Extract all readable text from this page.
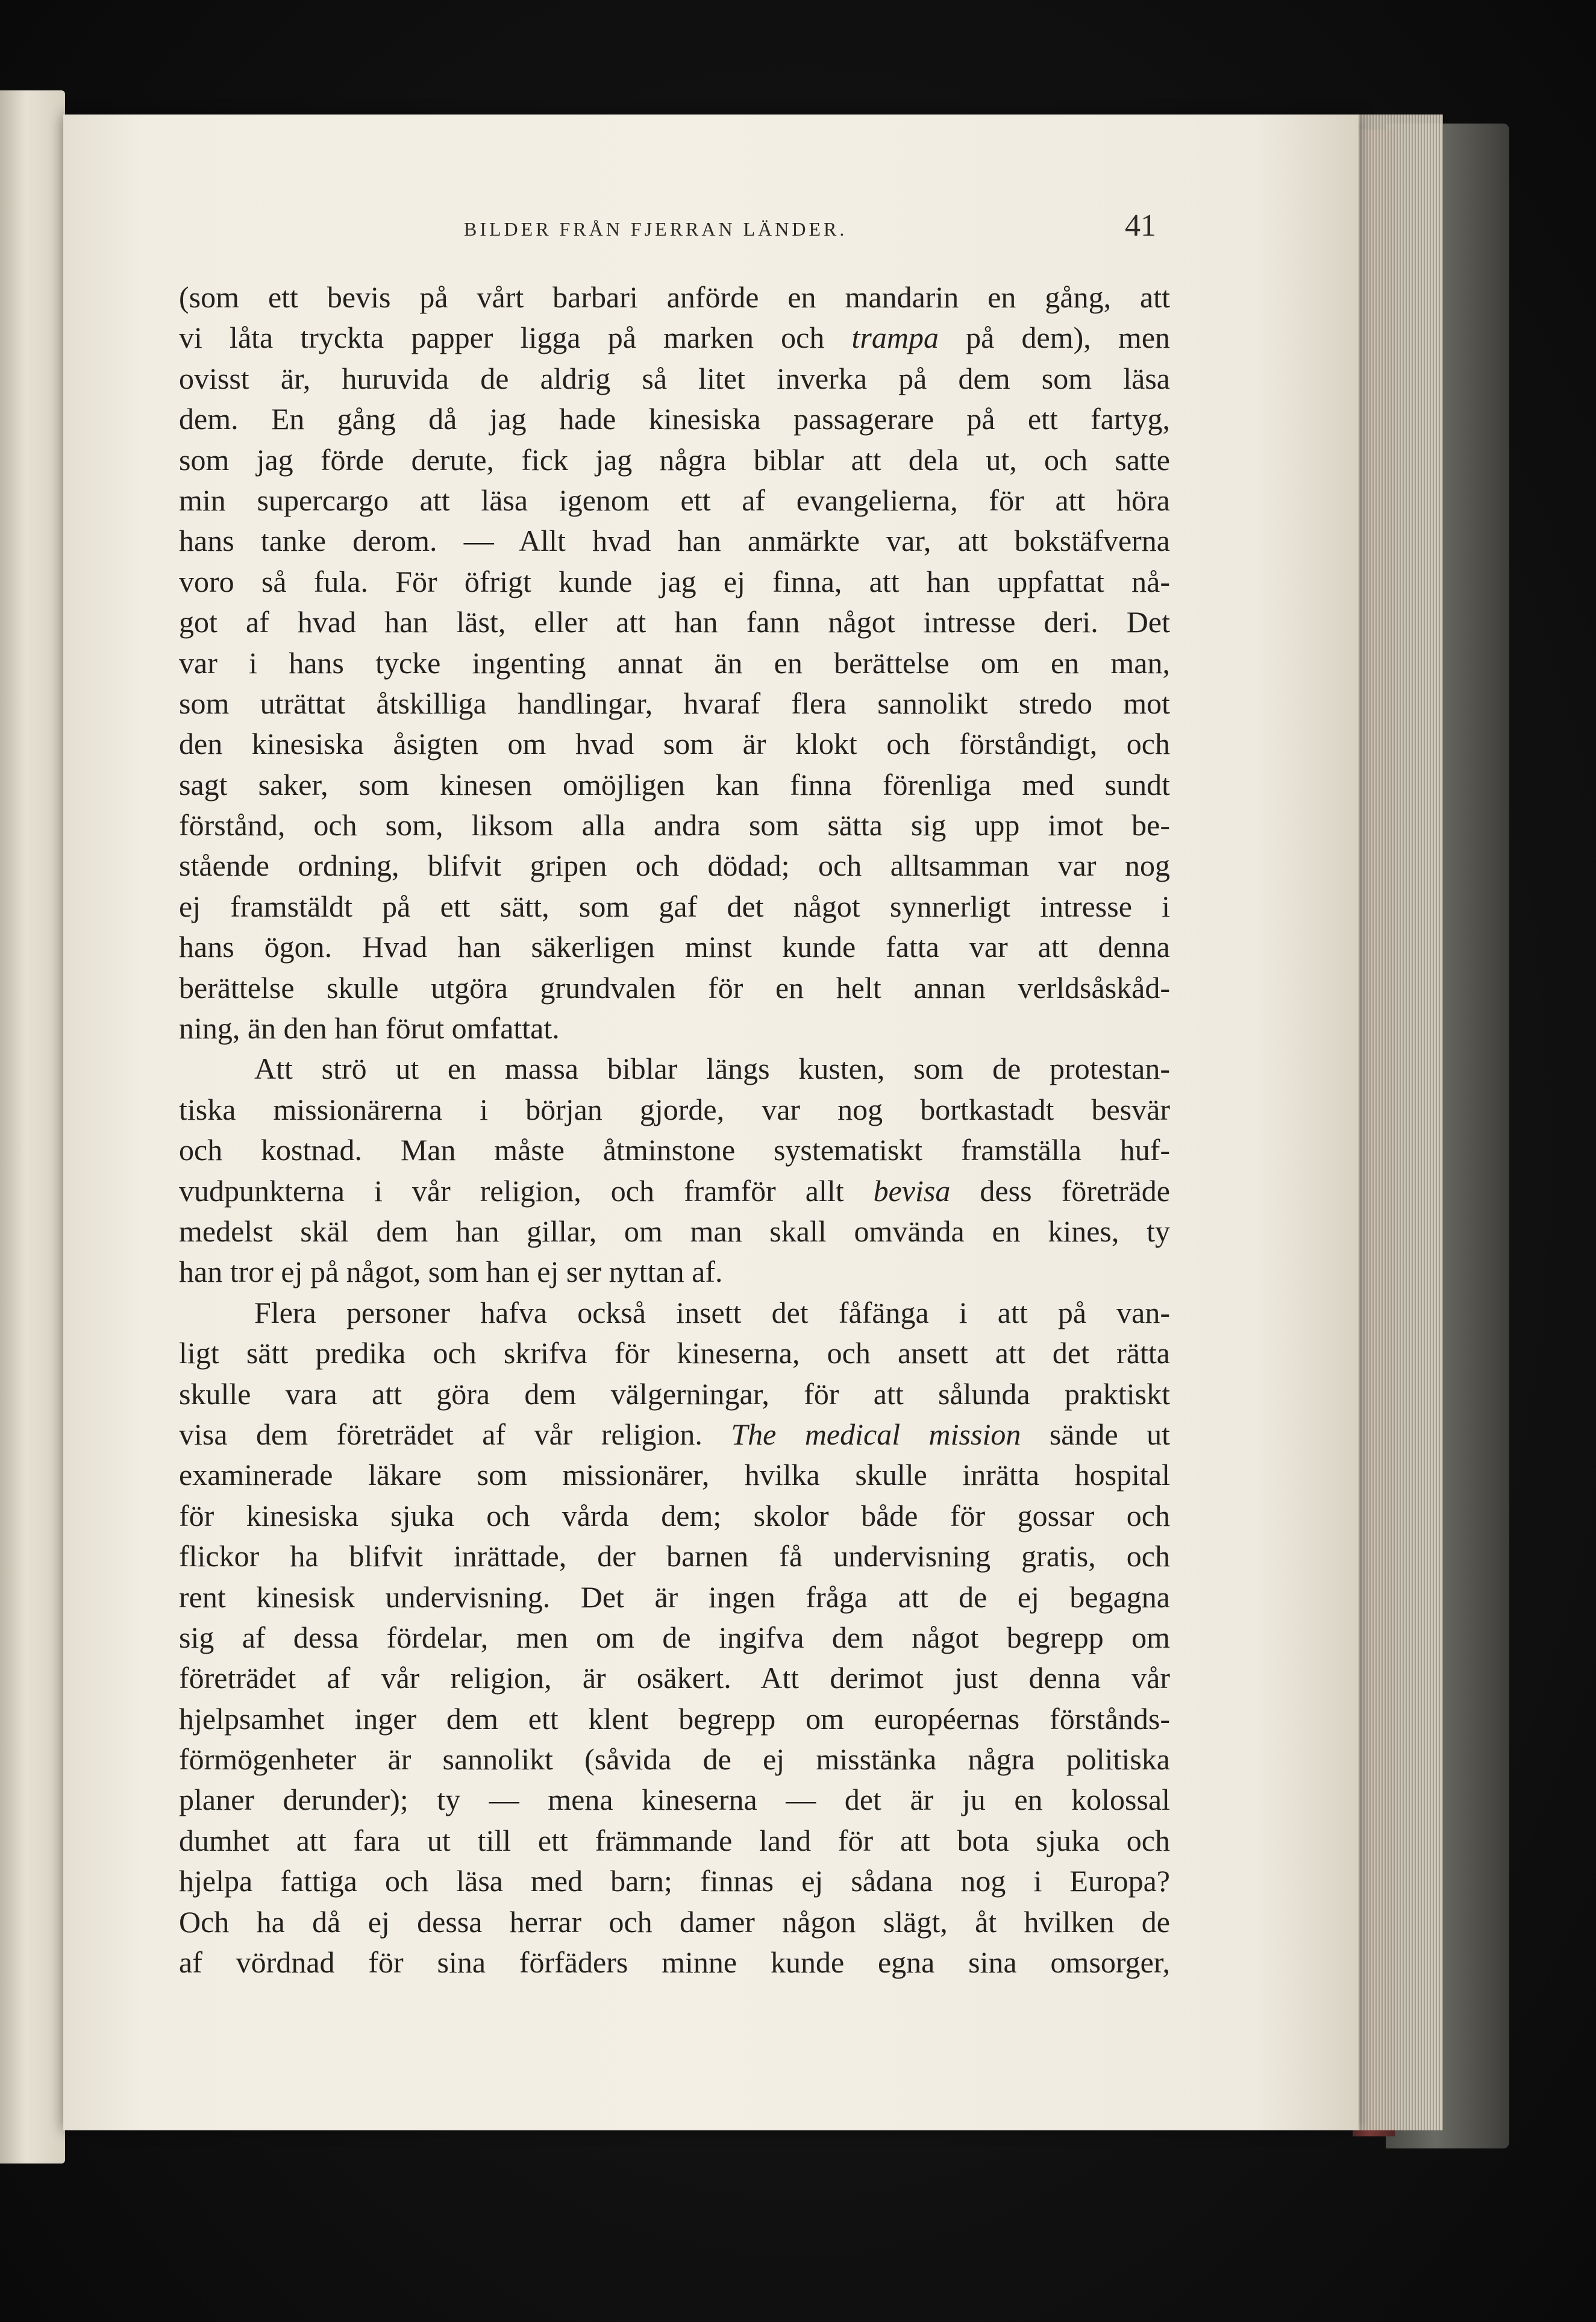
BILDER FRÅN FJERRAN LÄNDER.	41
(som ett bevis på vårt barbari anförde en mandarin en gång, att
vi låta tryckta papper ligga på marken och trampa på dem), men
ovisst är, huruvida de aldrig så litet inverka på dem som läsa
dem. En gång då jag hade kinesiska passagerare på ett fartyg,
som jag förde derute, fick jag några biblar att dela ut, och satte
min supercargo att läsa igenom ett af evangelierna, för att höra
hans tanke derom. — Allt hvad han anmärkte var, att bokstäfverna
voro så fula. För öfrigt kunde jag ej finna, att han uppfattat nå-
got af hvad han läst, eller att han fann något intresse deri. Det
var i hans tycke ingenting annat än en berättelse om en man,
som uträttat åtskilliga handlingar, hvaraf flera sannolikt stredo mot
den kinesiska åsigten om hvad som är klokt och förståndigt, och
sagt saker, som kinesen omöjligen kan finna förenliga med sundt
förstånd, och som, liksom alla andra som sätta sig upp imot be-
stående ordning, blifvit gripen och dödad; och alltsamman var nog
ej framstäldt på ett sätt, som gaf det något synnerligt intresse i
hans ögon. Hvad han säkerligen minst kunde fatta var att denna
berättelse skulle utgöra grundvalen för en helt annan verldsåskåd-
ning, än den han förut omfattat.
Att strö ut en massa biblar längs kusten, som de protestan-
tiska missionärerna i början gjorde, var nog bortkastadt besvär
och kostnad. Man måste åtminstone systematiskt framställa huf-
vudpunkterna i vår religion, och framför allt bevisa dess företräde
medelst skäl dem han gillar, om man skall omvända en kines, ty
han tror ej på något, som han ej ser nyttan af.
Flera personer hafva också insett det fåfänga i att på van-
ligt sätt predika och skrifva för kineserna, och ansett att det rätta
skulle vara att göra dem välgerningar, för att sålunda praktiskt
visa dem företrädet af vår religion. The medical mission sände ut
examinerade läkare som missionärer, hvilka skulle inrätta hospital
för kinesiska sjuka och vårda dem; skolor både för gossar och
flickor ha blifvit inrättade, der barnen få undervisning gratis, och
rent kinesisk undervisning. Det är ingen fråga att de ej begagna
sig af dessa fördelar, men om de ingifva dem något begrepp om
företrädet af vår religion, är osäkert. Att derimot just denna vår
hjelpsamhet inger dem ett klent begrepp om européernas förstånds-
förmögenheter är sannolikt (såvida de ej misstänka några politiska
planer derunder); ty — mena kineserna — det är ju en kolossal
dumhet att fara ut till ett främmande land för att bota sjuka och
hjelpa fattiga och läsa med barn; finnas ej sådana nog i Europa?
Och ha då ej dessa herrar och damer någon slägt, åt hvilken de
af vördnad för sina förfäders minne kunde egna sina omsorger,
